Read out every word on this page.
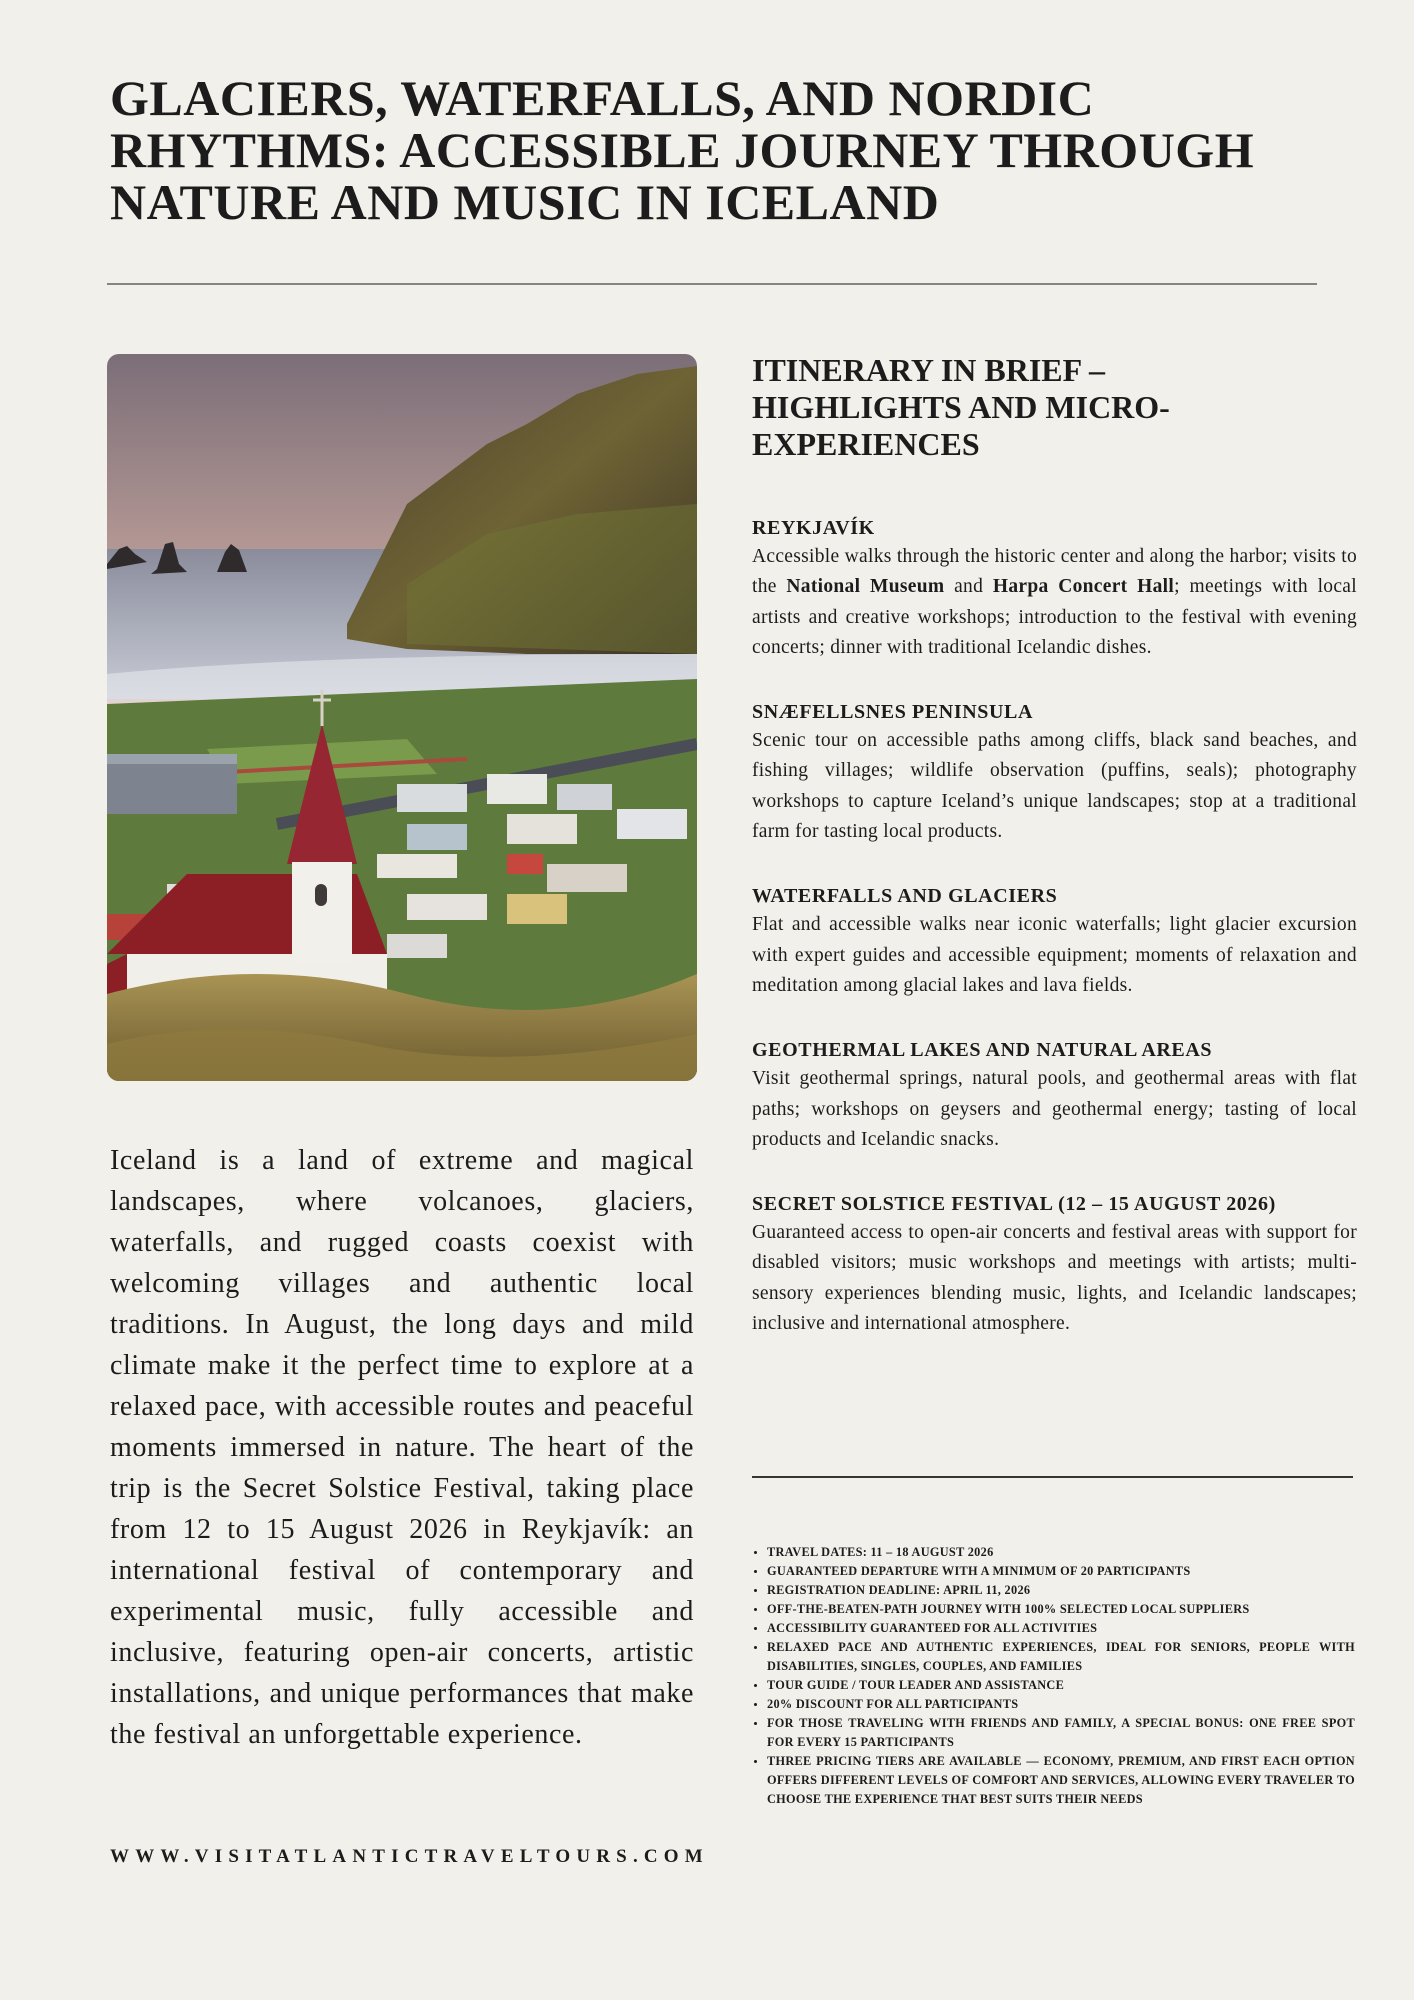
GLACIERS, WATERFALLS, AND NORDIC RHYTHMS: ACCESSIBLE JOURNEY THROUGH NATURE AND MUSIC IN ICELAND

Iceland is a land of extreme and magical landscapes, where volcanoes, glaciers, waterfalls, and rugged coasts coexist with welcoming villages and authentic local traditions. In August, the long days and mild climate make it the perfect time to explore at a relaxed pace, with accessible routes and peaceful moments immersed in nature. The heart of the trip is the Secret Solstice Festival, taking place from 12 to 15 August 2026 in Reykjavík: an international festival of contemporary and experimental music, fully accessible and inclusive, featuring open-air concerts, artistic installations, and unique performances that make the festival an unforgettable experience.

WWW.VISITATLANTICTRAVELTOURS.COM

ITINERARY IN BRIEF – HIGHLIGHTS AND MICRO-EXPERIENCES
REYKJAVÍK

Accessible walks through the historic center and along the harbor; visits to the National Museum and Harpa Concert Hall; meetings with local artists and creative workshops; introduction to the festival with evening concerts; dinner with traditional Icelandic dishes.

SNÆFELLSNES PENINSULA

Scenic tour on accessible paths among cliffs, black sand beaches, and fishing villages; wildlife observation (puffins, seals); photography workshops to capture Iceland’s unique landscapes; stop at a traditional farm for tasting local products.

WATERFALLS AND GLACIERS

Flat and accessible walks near iconic waterfalls; light glacier excursion with expert guides and accessible equipment; moments of relaxation and meditation among glacial lakes and lava fields.

GEOTHERMAL LAKES AND NATURAL AREAS

Visit geothermal springs, natural pools, and geothermal areas with flat paths; workshops on geysers and geothermal energy; tasting of local products and Icelandic snacks.

SECRET SOLSTICE FESTIVAL (12 – 15 AUGUST 2026)

Guaranteed access to open-air concerts and festival areas with support for disabled visitors; music workshops and meetings with artists; multi-sensory experiences blending music, lights, and Icelandic landscapes; inclusive and international atmosphere.

• TRAVEL DATES: 11 – 18 AUGUST 2026
• GUARANTEED DEPARTURE WITH A MINIMUM OF 20 PARTICIPANTS
• REGISTRATION DEADLINE: APRIL 11, 2026
• OFF-THE-BEATEN-PATH JOURNEY WITH 100% SELECTED LOCAL SUPPLIERS
• ACCESSIBILITY GUARANTEED FOR ALL ACTIVITIES
• RELAXED PACE AND AUTHENTIC EXPERIENCES, IDEAL FOR SENIORS, PEOPLE WITH DISABILITIES, SINGLES, COUPLES, AND FAMILIES
• TOUR GUIDE / TOUR LEADER AND ASSISTANCE
• 20% DISCOUNT FOR ALL PARTICIPANTS
• FOR THOSE TRAVELING WITH FRIENDS AND FAMILY, A SPECIAL BONUS: ONE FREE SPOT FOR EVERY 15 PARTICIPANTS
• THREE PRICING TIERS ARE AVAILABLE — ECONOMY, PREMIUM, AND FIRST EACH OPTION OFFERS DIFFERENT LEVELS OF COMFORT AND SERVICES, ALLOWING EVERY TRAVELER TO CHOOSE THE EXPERIENCE THAT BEST SUITS THEIR NEEDS
